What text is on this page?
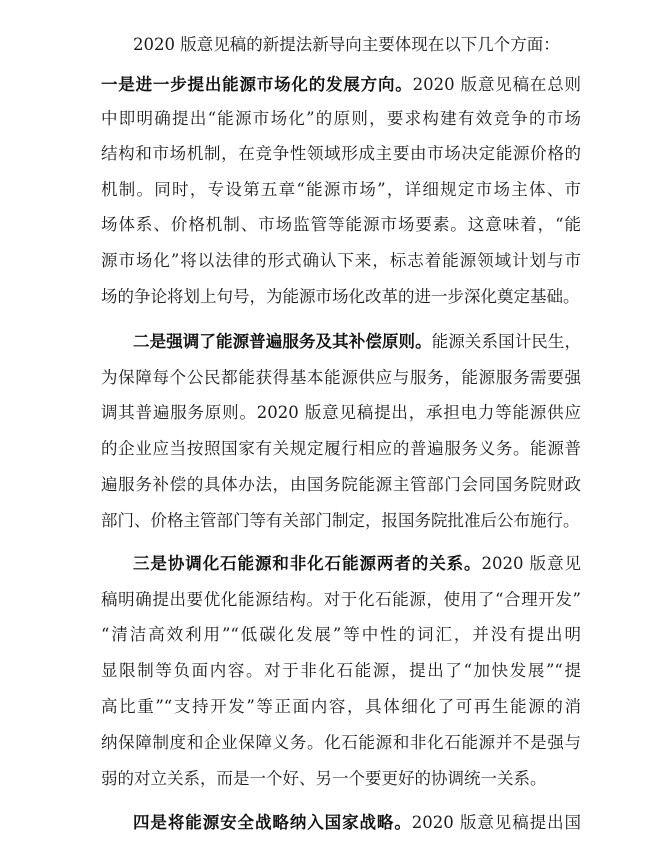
2020 版意见稿的新提法新导向主要体现在以下几个方面：
一是进一步提出能源市场化的发展方向。2020 版意见稿在总则
中即明确提出“能源市场化”的原则，要求构建有效竞争的市场
结构和市场机制，在竞争性领域形成主要由市场决定能源价格的
机制。同时，专设第五章“能源市场”，详细规定市场主体、市
场体系、价格机制、市场监管等能源市场要素。这意味着，“能
源市场化”将以法律的形式确认下来，标志着能源领域计划与市
场的争论将划上句号，为能源市场化改革的进一步深化奠定基础。
二是强调了能源普遍服务及其补偿原则。能源关系国计民生，
为保障每个公民都能获得基本能源供应与服务，能源服务需要强
调其普遍服务原则。2020 版意见稿提出，承担电力等能源供应
的企业应当按照国家有关规定履行相应的普遍服务义务。能源普
遍服务补偿的具体办法，由国务院能源主管部门会同国务院财政
部门、价格主管部门等有关部门制定，报国务院批准后公布施行。
三是协调化石能源和非化石能源两者的关系。2020 版意见
稿明确提出要优化能源结构。对于化石能源，使用了“合理开发”
“清洁高效利用”“低碳化发展”等中性的词汇，并没有提出明
显限制等负面内容。对于非化石能源，提出了“加快发展”“提
高比重”“支持开发”等正面内容，具体细化了可再生能源的消
纳保障制度和企业保障义务。化石能源和非化石能源并不是强与
弱的对立关系，而是一个好、另一个要更好的协调统一关系。
四是将能源安全战略纳入国家战略。2020 版意见稿提出国
